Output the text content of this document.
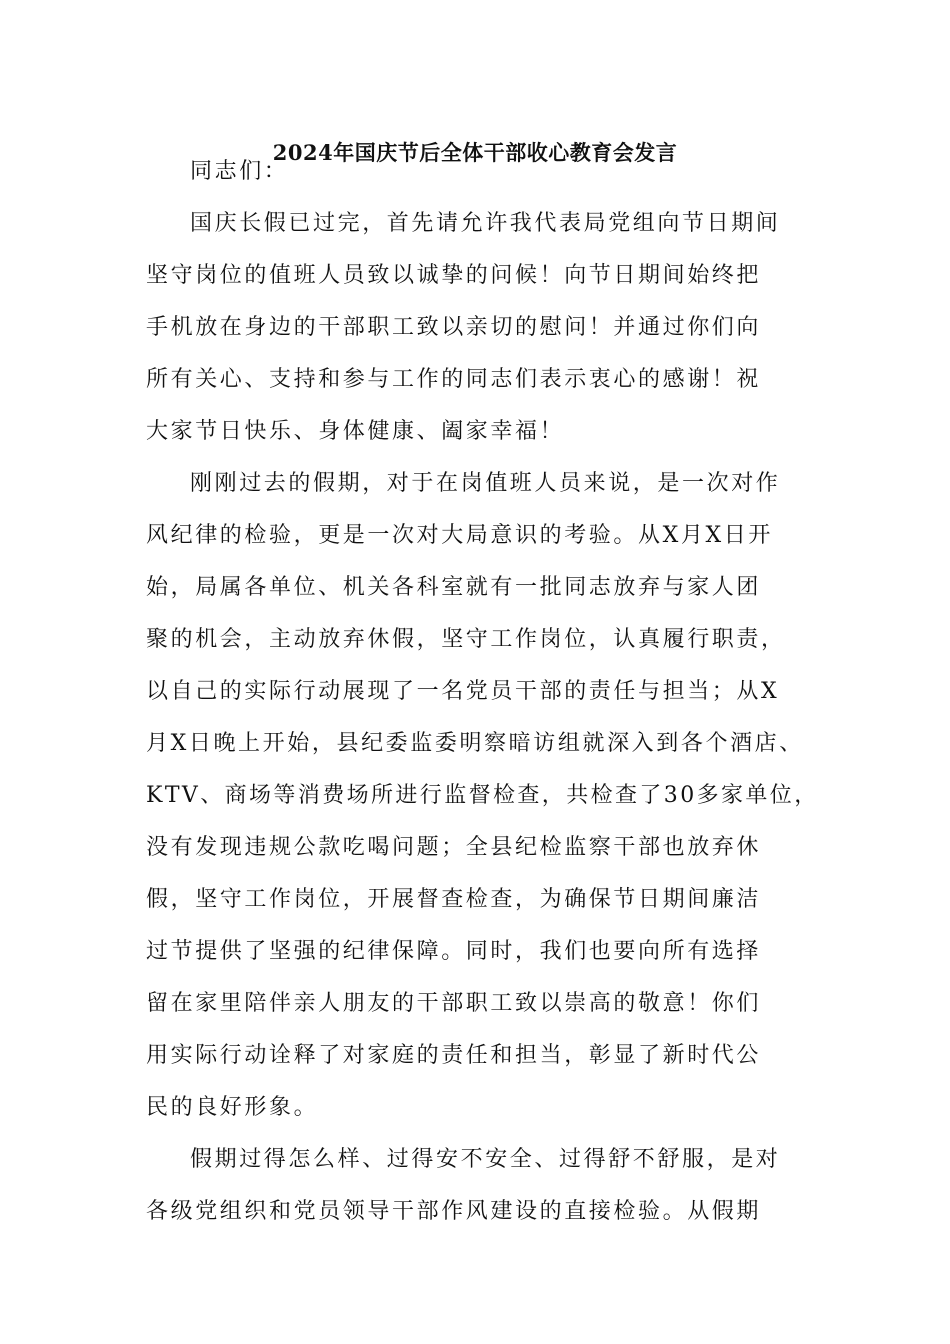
2024年国庆节后全体干部收心教育会发言
同志们：
国庆长假已过完，首先请允许我代表局党组向节日期间
坚守岗位的值班人员致以诚挚的问候！向节日期间始终把
手机放在身边的干部职工致以亲切的慰问！并通过你们向
所有关心、支持和参与工作的同志们表示衷心的感谢！祝
大家节日快乐、身体健康、阖家幸福！
刚刚过去的假期，对于在岗值班人员来说，是一次对作
风纪律的检验，更是一次对大局意识的考验。从X月X日开
始，局属各单位、机关各科室就有一批同志放弃与家人团
聚的机会，主动放弃休假，坚守工作岗位，认真履行职责，
以自己的实际行动展现了一名党员干部的责任与担当；从X
月X日晚上开始，县纪委监委明察暗访组就深入到各个酒店、
KTV、商场等消费场所进行监督检查，共检查了30多家单位，
没有发现违规公款吃喝问题；全县纪检监察干部也放弃休
假，坚守工作岗位，开展督查检查，为确保节日期间廉洁
过节提供了坚强的纪律保障。同时，我们也要向所有选择
留在家里陪伴亲人朋友的干部职工致以崇高的敬意！你们
用实际行动诠释了对家庭的责任和担当，彰显了新时代公
民的良好形象。
假期过得怎么样、过得安不安全、过得舒不舒服，是对
各级党组织和党员领导干部作风建设的直接检验。从假期
